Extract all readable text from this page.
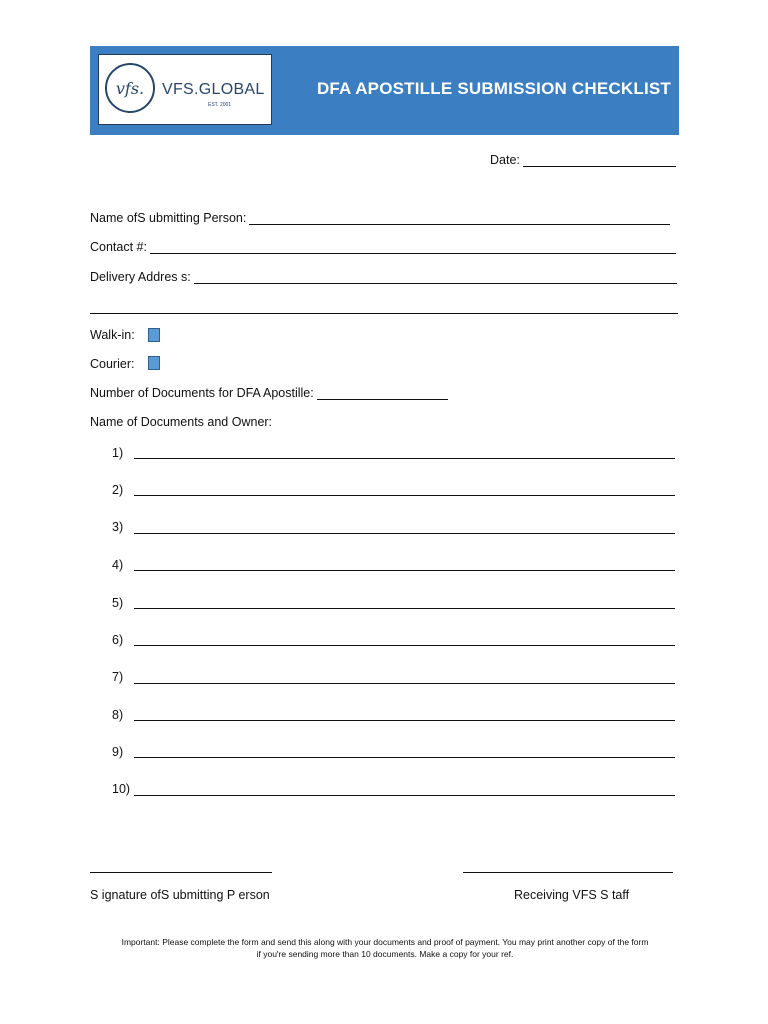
vfs.	VFS.GLOBAL
EST. 2001
DFA APOSTILLE SUBMISSION CHECKLIST
Date:
Name ofS ubmitting Person:
Contact #:
Delivery Addres s:
Walk-in:
Courier:
Number of Documents for DFA Apostille:
Name of Documents and Owner:
1)
2)
3)
4)
5)
6)
7)
8)
9)
10)
S ignature ofS ubmitting P erson	Receiving VFS S taff
Important: Please complete the form and send this along with your documents and proof of payment. You may print another copy of the form
if you're sending more than 10 documents. Make a copy for your ref.
